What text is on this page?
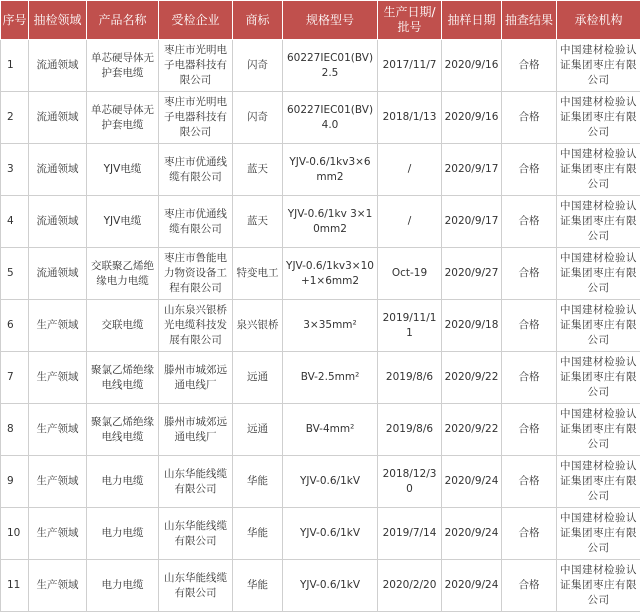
序号	抽检领域	产品名称	受检企业	商标	规格型号	生产日期/批号	抽样日期	抽查结果	承检机构
1	流通领域	单芯硬导体无护套电缆	枣庄市光明电子电器科技有限公司	闪奇	60227IEC01(BV)2.5	2017/11/7	2020/9/16	合格	中国建材检验认证集团枣庄有限公司
2	流通领域	单芯硬导体无护套电缆	枣庄市光明电子电器科技有限公司	闪奇	60227IEC01(BV)4.0	2018/1/13	2020/9/16	合格	中国建材检验认证集团枣庄有限公司
3	流通领域	YJV电缆	枣庄市优通线缆有限公司	蓝天	YJV-0.6/1kv3×6mm2	/	2020/9/17	合格	中国建材检验认证集团枣庄有限公司
4	流通领域	YJV电缆	枣庄市优通线缆有限公司	蓝天	YJV-0.6/1kv 3×10mm2	/	2020/9/17	合格	中国建材检验认证集团枣庄有限公司
5	流通领域	交联聚乙烯绝缘电力电缆	枣庄市鲁能电力物资设备工程有限公司	特变电工	YJV-0.6/1kv3×10+1×6mm2	Oct-19	2020/9/27	合格	中国建材检验认证集团枣庄有限公司
6	生产领域	交联电缆	山东泉兴银桥光电缆科技发展有限公司	泉兴银桥	3×35mm²	2019/11/11	2020/9/18	合格	中国建材检验认证集团枣庄有限公司
7	生产领域	聚氯乙烯绝缘电线电缆	滕州市城郊远通电线厂	远通	BV-2.5mm²	2019/8/6	2020/9/22	合格	中国建材检验认证集团枣庄有限公司
8	生产领域	聚氯乙烯绝缘电线电缆	滕州市城郊远通电线厂	远通	BV-4mm²	2019/8/6	2020/9/22	合格	中国建材检验认证集团枣庄有限公司
9	生产领域	电力电缆	山东华能线缆有限公司	华能	YJV-0.6/1kV	2018/12/30	2020/9/24	合格	中国建材检验认证集团枣庄有限公司
10	生产领域	电力电缆	山东华能线缆有限公司	华能	YJV-0.6/1kV	2019/7/14	2020/9/24	合格	中国建材检验认证集团枣庄有限公司
11	生产领域	电力电缆	山东华能线缆有限公司	华能	YJV-0.6/1kV	2020/2/20	2020/9/24	合格	中国建材检验认证集团枣庄有限公司
